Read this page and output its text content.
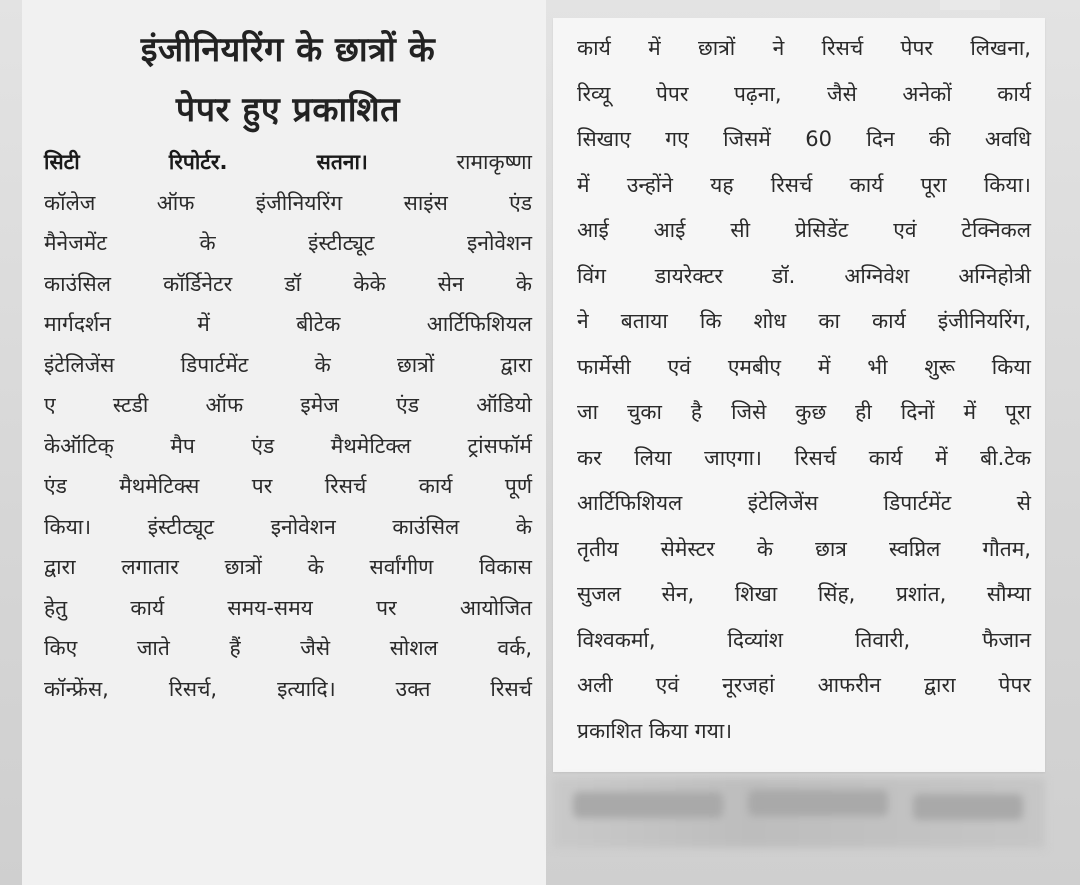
इंजीनियरिंग के छात्रों के
पेपर हुए प्रकाशित
सिटी रिपोर्टर. सतना।	रामाकृष्णा
कॉलेज ऑफ इंजीनियरिंग साइंस एंड
मैनेजमेंट के इंस्टीट्यूट इनोवेशन
काउंसिल कॉर्डिनेटर डॉ केके सेन के
मार्गदर्शन में बीटेक आर्टिफिशियल
इंटेलिजेंस डिपार्टमेंट के छात्रों द्वारा
ए स्टडी ऑफ इमेज एंड ऑडियो
केऑटिक् मैप एंड मैथमेटिक्ल ट्रांसफॉर्म
एंड मैथमेटिक्स पर रिसर्च कार्य पूर्ण
किया। इंस्टीट्यूट इनोवेशन काउंसिल के
द्वारा लगातार छात्रों के सर्वांगीण विकास
हेतु कार्य समय-समय पर आयोजित
किए जाते हैं जैसे सोशल वर्क,
कॉन्फ्रेंस, रिसर्च, इत्यादि। उक्त रिसर्च
कार्य में छात्रों ने रिसर्च पेपर लिखना,
रिव्यू पेपर पढ़ना, जैसे अनेकों कार्य
सिखाए गए जिसमें 60 दिन की अवधि
में उन्होंने यह रिसर्च कार्य पूरा किया।
आई आई सी प्रेसिडेंट एवं टेक्निकल
विंग डायरेक्टर डॉ. अग्निवेश अग्निहोत्री
ने बताया कि शोध का कार्य इंजीनियरिंग,
फार्मेसी एवं एमबीए में भी शुरू किया
जा चुका है जिसे कुछ ही दिनों में पूरा
कर लिया जाएगा। रिसर्च कार्य में बी.टेक
आर्टिफिशियल इंटेलिजेंस डिपार्टमेंट से
तृतीय सेमेस्टर के छात्र स्वप्निल गौतम,
सुजल सेन, शिखा सिंह, प्रशांत, सौम्या
विश्वकर्मा, दिव्यांश तिवारी, फैजान
अली एवं नूरजहां आफरीन द्वारा पेपर
प्रकाशित किया गया।
